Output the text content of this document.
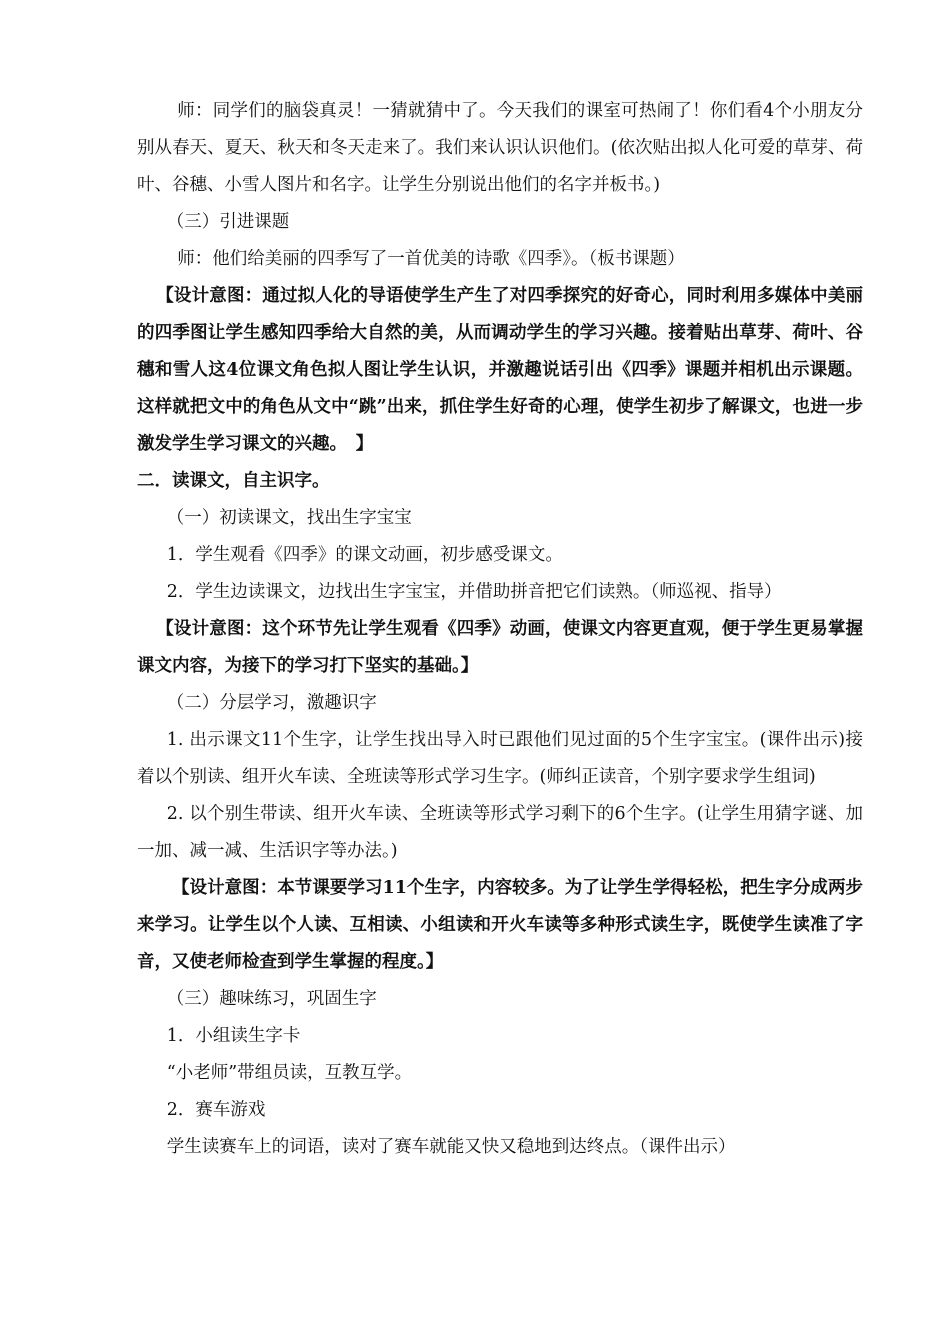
师：同学们的脑袋真灵！一猜就猜中了。今天我们的课室可热闹了！你们看4个小朋友分别从春天、夏天、秋天和冬天走来了。我们来认识认识他们。(依次贴出拟人化可爱的草芽、荷叶、谷穗、小雪人图片和名字。让学生分别说出他们的名字并板书。)

（三）引进课题

师：他们给美丽的四季写了一首优美的诗歌《四季》。（板书课题）

【设计意图：通过拟人化的导语使学生产生了对四季探究的好奇心，同时利用多媒体中美丽的四季图让学生感知四季给大自然的美，从而调动学生的学习兴趣。接着贴出草芽、荷叶、谷穗和雪人这4位课文角色拟人图让学生认识，并激趣说话引出《四季》课题并相机出示课题。这样就把文中的角色从文中“跳”出来，抓住学生好奇的心理，使学生初步了解课文，也进一步激发学生学习课文的兴趣。　】

二．读课文，自主识字。

（一）初读课文，找出生字宝宝

1．学生观看《四季》的课文动画，初步感受课文。

2．学生边读课文，边找出生字宝宝，并借助拼音把它们读熟。（师巡视、指导）

【设计意图：这个环节先让学生观看《四季》动画，使课文内容更直观，便于学生更易掌握课文内容，为接下的学习打下坚实的基础。】

（二）分层学习，激趣识字

1. 出示课文11个生字，让学生找出导入时已跟他们见过面的5个生字宝宝。(课件出示)接着以个别读、组开火车读、全班读等形式学习生字。(师纠正读音，个别字要求学生组词)

2. 以个别生带读、组开火车读、全班读等形式学习剩下的6个生字。(让学生用猜字谜、加一加、减一减、生活识字等办法。)

【设计意图：本节课要学习11个生字，内容较多。为了让学生学得轻松，把生字分成两步来学习。让学生以个人读、互相读、小组读和开火车读等多种形式读生字，既使学生读准了字音，又使老师检查到学生掌握的程度。】

（三）趣味练习，巩固生字

1．小组读生字卡

“小老师”带组员读，互教互学。

2．赛车游戏

学生读赛车上的词语，读对了赛车就能又快又稳地到达终点。（课件出示）
